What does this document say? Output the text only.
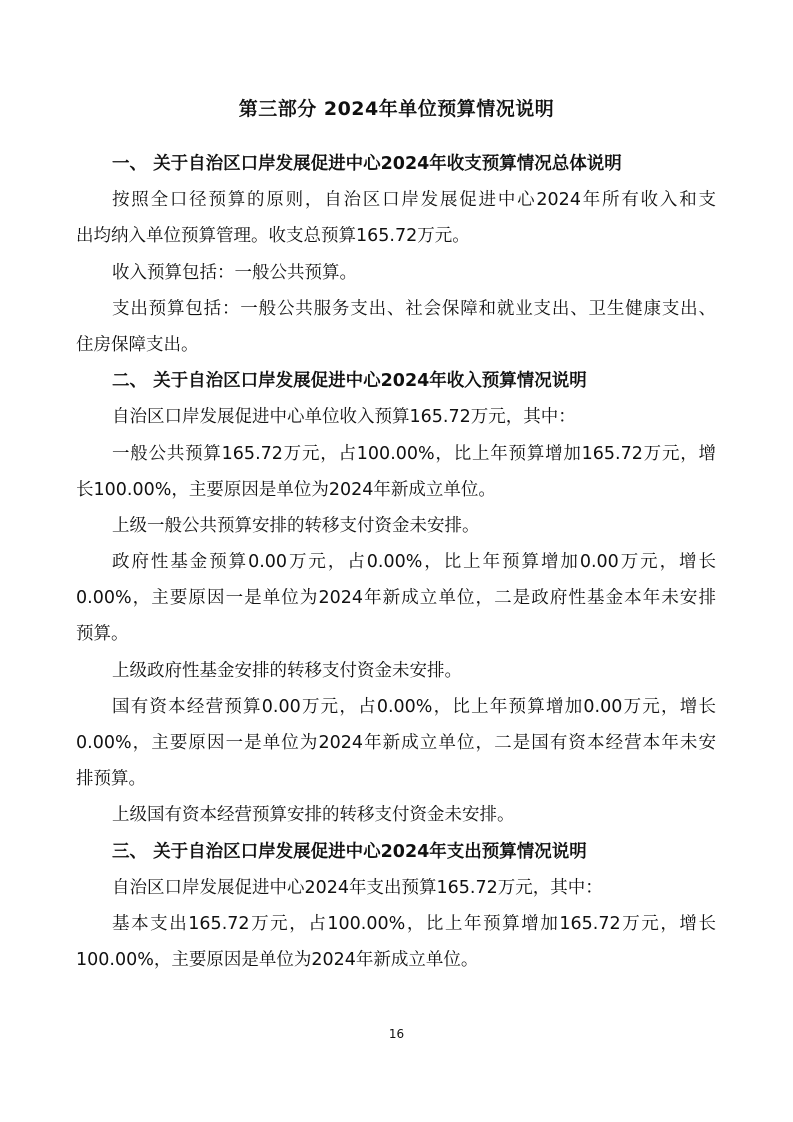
第三部分 2024年单位预算情况说明
一、 关于自治区口岸发展促进中心2024年收支预算情况总体说明
按照全口径预算的原则，自治区口岸发展促进中心2024年所有收入和支
出均纳入单位预算管理。收支总预算165.72万元。
收入预算包括：一般公共预算。
支出预算包括：一般公共服务支出、社会保障和就业支出、卫生健康支出、
住房保障支出。
二、 关于自治区口岸发展促进中心2024年收入预算情况说明
自治区口岸发展促进中心单位收入预算165.72万元，其中：
一般公共预算165.72万元，占100.00%，比上年预算增加165.72万元，增
长100.00%，主要原因是单位为2024年新成立单位。
上级一般公共预算安排的转移支付资金未安排。
政府性基金预算0.00万元，占0.00%，比上年预算增加0.00万元，增长
0.00%，主要原因一是单位为2024年新成立单位，二是政府性基金本年未安排
预算。
上级政府性基金安排的转移支付资金未安排。
国有资本经营预算0.00万元，占0.00%，比上年预算增加0.00万元，增长
0.00%，主要原因一是单位为2024年新成立单位，二是国有资本经营本年未安
排预算。
上级国有资本经营预算安排的转移支付资金未安排。
三、 关于自治区口岸发展促进中心2024年支出预算情况说明
自治区口岸发展促进中心2024年支出预算165.72万元，其中：
基本支出165.72万元，占100.00%，比上年预算增加165.72万元，增长
100.00%，主要原因是单位为2024年新成立单位。
16
